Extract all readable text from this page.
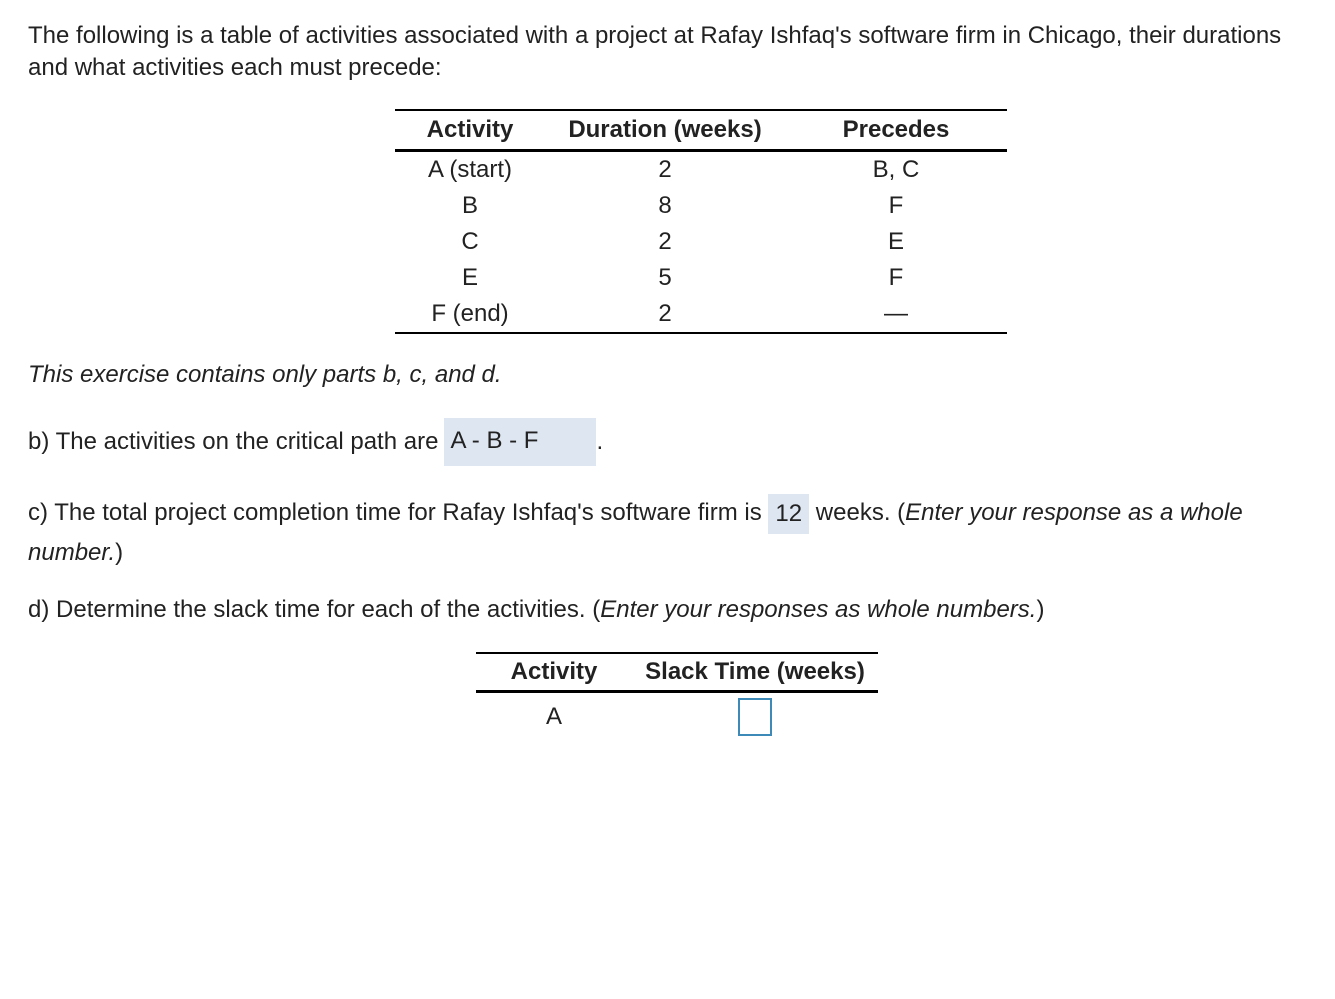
The following is a table of activities associated with a project at Rafay Ishfaq's software firm in Chicago, their durations and what activities each must precede:
Activity	Duration (weeks)	Precedes
A (start)	2	B, C
B	8	F
C	2	E
E	5	F
F (end)	2	—
This exercise contains only parts b, c, and d.
b) The activities on the critical path are A - B - F .
c) The total project completion time for Rafay Ishfaq's software firm is 12 weeks. (Enter your response as a whole number.)
d) Determine the slack time for each of the activities. (Enter your responses as whole numbers.)
Activity	Slack Time (weeks)
A	
